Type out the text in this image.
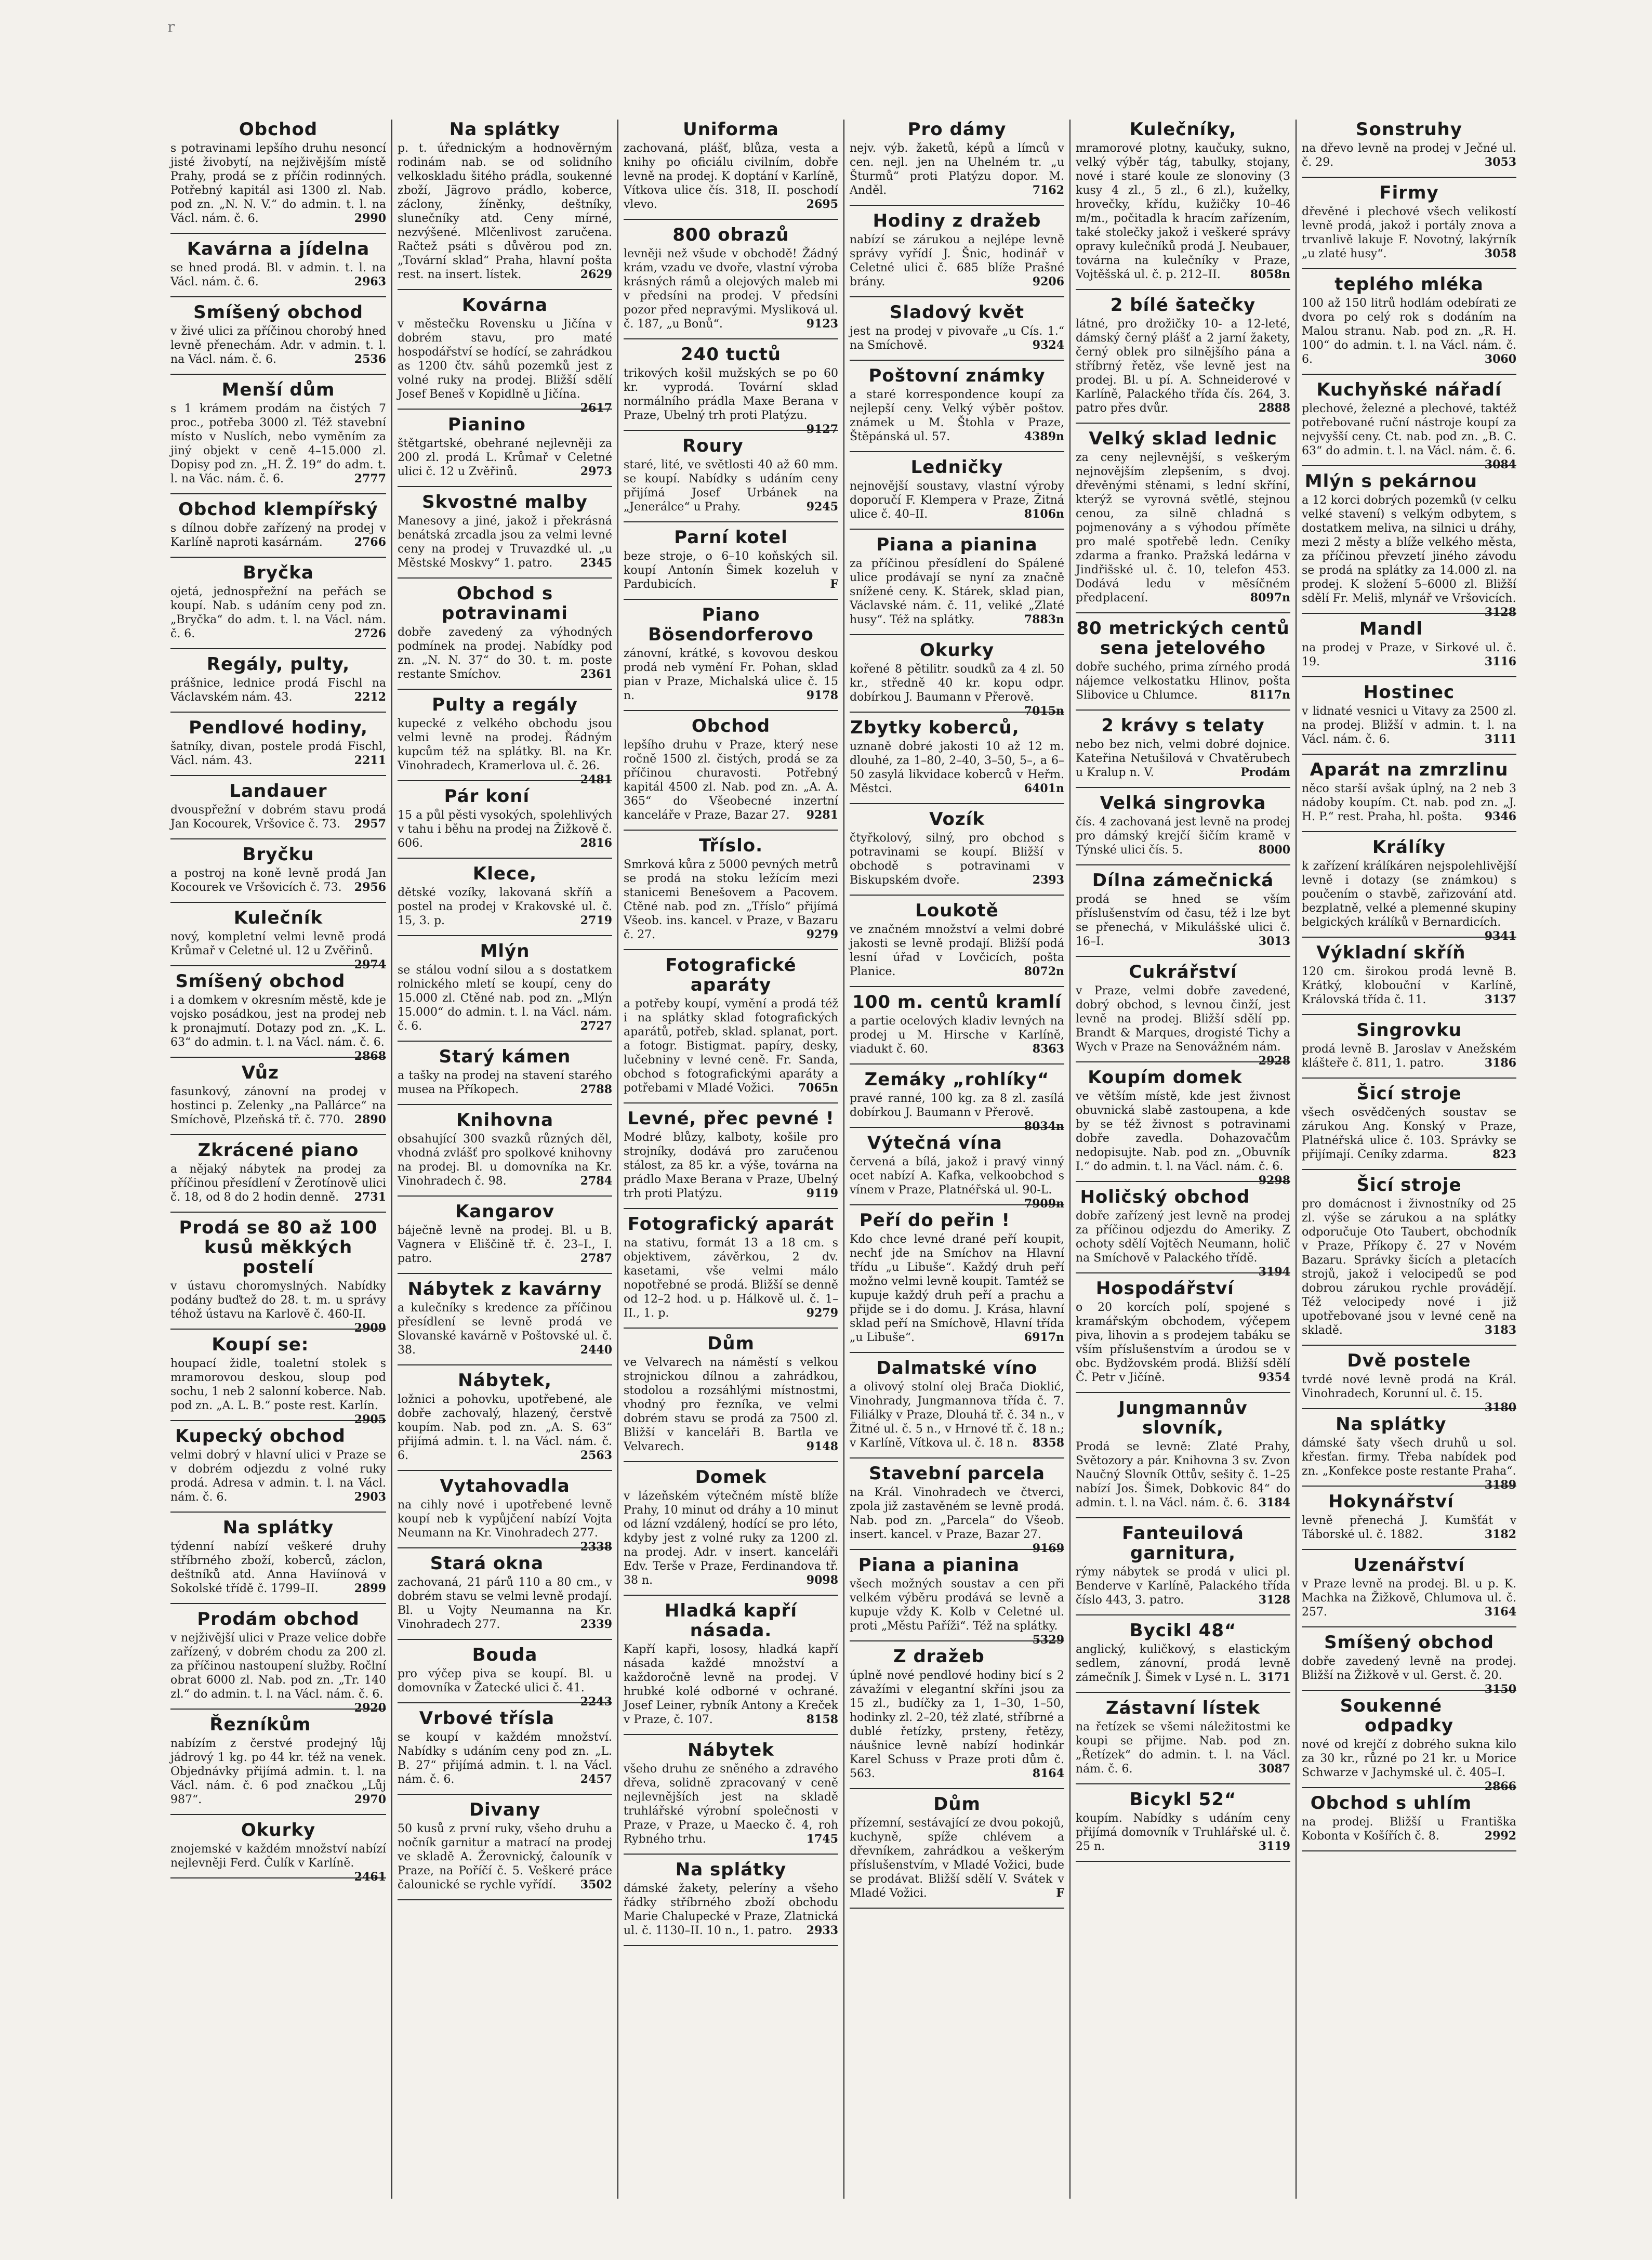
r
Obchod

s potravinami lepšího druhu nesoncí jisté živobytí, na nejživějším místě Prahy, prodá se z příčin rodinných. Potřebný kapitál asi 1300 zl. Nab. pod zn. „N. N. V.“ do admin. t. l. na Václ. nám. č. 6.	2990

Kavárna a jídelna

se hned prodá. Bl. v admin. t. l. na Václ. nám. č. 6.	2963

Smíšený obchod

v živé ulici za příčinou chorobý hned levně přenechám. Adr. v admin. t. l. na Václ. nám. č. 6.	2536

Menší dům

s 1 krámem prodám na čistých 7 proc., potřeba 3000 zl. Též stavební místo v Nuslích, nebo vyměním za jiný objekt v ceně 4–15.000 zl. Dopisy pod zn. „H. Ž. 19“ do adm. t. l. na Vác. nám. č. 6.	2777

Obchod klempířský

s dílnou dobře zařízený na prodej v Karlíně naproti kasárnám.	2766

Bryčka

ojetá, jednospřežní na peřách se koupí. Nab. s udáním ceny pod zn. „Bryčka“ do adm. t. l. na Václ. nám. č. 6.	2726

Regály, pulty,

prášnice, lednice prodá Fischl na Václavském nám. 43.	2212

Pendlové hodiny,

šatníky, divan, postele prodá Fischl, Václ. nám. 43.	2211

Landauer

dvouspřežní v dobrém stavu prodá Jan Kocourek, Vršovice č. 73. 2957

Bryčku

a postroj na koně levně prodá Jan Kocourek ve Vršovicích č. 73. 2956

Kulečník

nový, kompletní velmi levně prodá Krůmař v Celetné ul. 12 u Zvěřinů.
2974

Smíšený obchod

i a domkem v okresním městě, kde je vojsko posádkou, jest na prodej neb k pronajmutí. Dotazy pod zn. „K. L. 63“ do admin. t. l. na Václ. nám. č. 6.
2868

Vůz

fasunkový, zánovní na prodej v hostinci p. Zelenky „na Pallárce“ na Smíchově, Plzeňská tř. č. 770. 2890

Zkrácené piano

a nějaký nábytek na prodej za příčinou přesídlení v Žerotínově ulici č. 18, od 8 do 2 hodin denně. 2731

Prodá se 80 až 100 kusů měkkých postelí

v ústavu choromyslných. Nabídky podány buďtež do 28. t. m. u správy téhož ústavu na Karlově č. 460-II.
2909

Koupí se:

houpací židle, toaletní stolek s mramorovou deskou, sloup pod sochu, 1 neb 2 salonní koberce. Nab. pod zn. „A. L. B.“ poste rest. Karlín.
2905

Kupecký obchod

velmi dobrý v hlavní ulici v Praze se v dobrém odjezdu z volné ruky prodá. Adresa v admin. t. l. na Václ. nám. č. 6.	2903

Na splátky

týdenní nabízí veškeré druhy stříbrného zboží, koberců, záclon, deštníků atd. Anna Haviínová v Sokolské třídě č. 1799–II.	2899

Prodám obchod

v nejživější ulici v Praze velice dobře zařízený, v dobrém chodu za 200 zl. za příčinou nastoupení služby. Ročlní obrat 6000 zl. Nab. pod zn. „Tr. 140 zl.“ do admin. t. l. na Václ. nám. č. 6.
2920

Řezníkům

nabízím z čerstvé prodejný lůj jádrový 1 kg. po 44 kr. též na venek. Objednávky přijímá admin. t. l. na Václ. nám. č. 6 pod značkou „Lůj 987“.	2970

Okurky

znojemské v každém množství nabízí nejlevněji Ferd. Čulík v Karlíně.
2461

Na splátky

p. t. úřednickým a hodnověrným rodinám nab. se od solidního velkoskladu šitého prádla, soukenné zboží, Jägrovo prádlo, koberce, záclony, žíněnky, deštníky, slunečníky atd. Ceny mírné, nezvýšené. Mlčenlivost zaručena. Račtež psáti s důvěrou pod zn. „Tovární sklad“ Praha, hlavní pošta rest. na insert. lístek.	2629

Kovárna

v městečku Rovensku u Jičína v dobrém stavu, pro maté hospodářství se hodící, se zahrádkou as 1200 čtv. sáhů pozemků jest z volné ruky na prodej. Bližší sdělí Josef Beneš v Kopidlně u Jičína.
2617

Pianino

štětgartské, obehrané nejlevněji za 200 zl. prodá L. Krůmař v Celetné ulici č. 12 u Zvěřinů.	2973

Skvostné malby

Manesovy a jiné, jakož i překrásná benátská zrcadla jsou za velmi levné ceny na prodej v Truvazdké ul. „u Městské Moskvy“ 1. patro. 2345

Obchod s potravinami

dobře zavedený za výhodných podmínek na prodej. Nabídky pod zn. „N. N. 37“ do 30. t. m. poste restante Smíchov.	2361

Pulty a regály

kupecké z velkého obchodu jsou velmi levně na prodej. Řádným kupcům též na splátky. Bl. na Kr. Vinohradech, Kramerlova ul. č. 26.
2481

Pár koní

15 a půl pěsti vysokých, spolehlivých v tahu i běhu na prodej na Žižkově č. 606.	2816

Klece,

dětské vozíky, lakovaná skříň a postel na prodej v Krakovské ul. č. 15, 3. p.	2719

Mlýn

se stálou vodní silou a s dostatkem rolnického mletí se koupí, ceny do 15.000 zl. Ctěné nab. pod zn. „Mlýn 15.000“ do admin. t. l. na Václ. nám. č. 6.	2727

Starý kámen

a tašky na prodej na stavení starého musea na Příkopech.	2788

Knihovna

obsahující 300 svazků různých děl, vhodná zvlášť pro spolkové knihovny na prodej. Bl. u domovníka na Kr. Vinohradech č. 98.	2784

Kangarov

báječně levně na prodej. Bl. u B. Vagnera v Eliščině tř. č. 23–I., I. patro.	2787

Nábytek z kavárny

a kulečníky s kredence za příčinou přesídlení se levně prodá ve Slovanské kavárně v Poštovské ul. č. 38.	2440

Nábytek,

ložnici a pohovku, upotřebené, ale dobře zachovalý, hlazený, čerstvě koupím. Nab. pod zn. „A. S. 63“ přijímá admin. t. l. na Václ. nám. č. 6.	2563

Vytahovadla

na cihly nové i upotřebené levně koupí neb k vypůjčení nabízí Vojta Neumann na Kr. Vinohradech 277.
2338

Stará okna

zachovaná, 21 párů 110 a 80 cm., v dobrém stavu se velmi levně prodají. Bl. u Vojty Neumanna na Kr. Vinohradech 277.	2339

Bouda

pro výčep piva se koupí. Bl. u domovníka v Žatecké ulici č. 41.
2243

Vrbové třísla

se koupí v každém množství. Nabídky s udáním ceny pod zn. „L. B. 27“ přijímá admin. t. l. na Václ. nám. č. 6.	2457

Divany

50 kusů z první ruky, všeho druhu a nočník garnitur a matrací na prodej ve skladě A. Žerovnický, čalouník v Praze, na Poříčí č. 5. Veškeré práce čalounické se rychle vyřídí. 3502

Uniforma

zachovaná, plášť, blůza, vesta a knihy po oficiálu civilním, dobře levně na prodej. K doptání v Karlíně, Vítkova ulice čís. 318, II. poschodí vlevo.	2695

800 obrazů

levněji než všude v obchodě! Žádný krám, vzadu ve dvoře, vlastní výroba krásných rámů a olejových maleb mi v předsíni na prodej. V předsíni pozor před nepravými. Mysliková ul. č. 187, „u Bonů“.	9123

240 tuctů

trikových košil mužských se po 60 kr. vyprodá. Tovární sklad normálního prádla Maxe Berana v Praze, Ubelný trh proti Platýzu.
9127

Roury

staré, lité, ve světlosti 40 až 60 mm. se koupí. Nabídky s udáním ceny přijímá Josef Urbánek na „Jenerálce“ u Prahy.	9245

Parní kotel

beze stroje, o 6–10 koňských sil. koupí Antonín Šimek kozeluh v Pardubicích.	F

Piano Bösendorferovo

zánovní, krátké, s kovovou deskou prodá neb vymění Fr. Pohan, sklad pian v Praze, Michalská ulice č. 15 n.	9178

Obchod

lepšího druhu v Praze, který nese ročně 1500 zl. čistých, prodá se za příčinou churavosti. Potřebný kapitál 4500 zl. Nab. pod zn. „A. A. 365“ do Všeobecné inzertní kanceláře v Praze, Bazar 27. 9281

Tříslo.

Smrková kůra z 5000 pevných metrů se prodá na stoku ležícím mezi stanicemi Benešovem a Pacovem. Ctěné nab. pod zn. „Tříslo“ přijímá Všeob. ins. kancel. v Praze, v Bazaru č. 27.	9279

Fotografické aparáty

a potřeby koupí, vymění a prodá též i na splátky sklad fotografických aparátů, potřeb, sklad. splanat, port. a fotogr. Bistigmat. papíry, desky, lučebniny v levné ceně. Fr. Sanda, obchod s fotografickými aparáty a potřebami v Mladé Vožici. 7065n

Levné, přec pevné !

Modré blůzy, kalboty, košile pro strojníky, dodává pro zaručenou stálost, za 85 kr. a výše, továrna na prádlo Maxe Berana v Praze, Ubelný trh proti Platýzu.	9119

Fotografický aparát

na stativu, formát 13 a 18 cm. s objektivem, závěrkou, 2 dv. kasetami, vše velmi málo nopotřebné se prodá. Bližší se denně od 12–2 hod. u p. Hálkově ul. č. 1–II., 1. p.	9279

Dům

ve Velvarech na náměstí s velkou strojnickou dílnou a zahrádkou, stodolou a rozsáhlými místnostmi, vhodný pro řezníka, ve velmi dobrém stavu se prodá za 7500 zl. Bližší v kanceláři B. Bartla ve Velvarech.	9148

Domek

v lázeňském výtečném místě blíže Prahy, 10 minut od dráhy a 10 minut od lázní vzdálený, hodící se pro léto, kdyby jest z volné ruky za 1200 zl. na prodej. Adr. v insert. kanceláři Edv. Terše v Praze, Ferdinandova tř. 38 n.	9098

Hladká kapří násada.

Kapří kapři, lososy, hladká kapří násada každé množství a každoročně levně na prodej. V hrubké kolé odborné v ochrané. Josef Leiner, rybník Antony a Kreček v Praze, č. 107.	8158

Nábytek

všeho druhu ze sněného a zdravého dřeva, solidně zpracovaný v ceně nejlevnějších jest na skladě truhlářské výrobní společnosti v Praze, v Praze, u Maecko č. 4, roh Rybného trhu.	1745

Na splátky

dámské žakety, pelerínу a všeho řádky stříbrného zboží obchodu Marie Chalupecké v Praze, Zlatnická ul. č. 1130–II. 10 n., 1. patro. 2933

Pro dámy

nejv. výb. žaketů, képů a límců v cen. nejl. jen na Uhelném tr. „u Šturmů“ proti Platýzu dopor. M. Anděl.	7162

Hodiny z dražeb

nabízí se zárukou a nejlépe levně správy vyřídí J. Šnic, hodinář v Celetné ulici č. 685 blíže Prašné brány.	9206

Sladový květ

jest na prodej v pivovaře „u Cís. 1.“ na Smíchově.	9324

Poštovní známky

a staré korrespondence koupí za nejlepší ceny. Velký výběr poštov. známek u M. Štohla v Praze, Štěpánská ul. 57.	4389n

Ledničky

nejnovější soustavy, vlastní výroby doporučí F. Klempera v Praze, Žitná ulice č. 40–II.	8106n

Piana a pianina

za příčinou přesídlení do Spálené ulice prodávají se nyní za značně snížené ceny. K. Stárek, sklad pian, Václavské nám. č. 11, veliké „Zlaté husy“. Též na splátky.	7883n

Okurky

kořené 8 pětilitr. soudků za 4 zl. 50 kr., středně 40 kr. kopu odpr. dobírkou J. Baumann v Přerově.
7015n

Zbytky koberců,

uznaně dobré jakosti 10 až 12 m. dlouhé, za 1–80, 2–40, 3–50, 5–, a 6–50 zasylá likvidace koberců v Heřm. Městci.	6401n

Vozík

čtyřkolový, silný, pro obchod s potravinami se koupí. Bližší v obchodě s potravinami v Biskupském dvoře.	2393

Loukotě

ve značném množství a velmi dobré jakosti se levně prodají. Bližší podá lesní úřad v Lovčicích, pošta Planice.	8072n

100 m. centů kramlí

a partie ocelových kladiv levných na prodej u M. Hirsche v Karlíně, viadukt č. 60.	8363

Zemáky „rohlíky“

pravé ranné, 100 kg. za 8 zl. zasílá dobírkou J. Baumann v Přerově.
8034n

Výtečná vína

červená a bílá, jakož i pravý vinný ocet nabízí A. Kafka, velkoobchod s vínem v Praze, Platnéřská ul. 90-L.
7909n

Peří do peřin !

Kdo chce levné drané peří koupit, nechť jde na Smíchov na Hlavní třídu „u Libuše“. Každý druh peří možno velmi levně koupit. Tamtéž se kupuje každý druh peří a prachu a přijde se i do domu. J. Krása, hlavní sklad peří na Smíchově, Hlavní třída „u Libuše“.	6917n

Dalmatské víno

a olivový stolní olej Brača Dioklić, Vinohrady, Jungmannova třída č. 7. Filiálky v Praze, Dlouhá tř. č. 34 n., v Žitné ul. č. 5 n., v Hrnové tř. č. 18 n.; v Karlíně, Vítkova ul. č. 18 n. 8358

Stavební parcela

na Král. Vinohradech ve čtverci, zpola již zastavěném se levně prodá. Nab. pod zn. „Parcela“ do Všeob. insert. kancel. v Praze, Bazar 27.
9169

Piana a pianina

všech možných soustav a cen při velkém výběru prodává se levně a kupuje vždy K. Kolb v Celetné ul. proti „Městu Paříži“. Též na splátky.
5329

Z dražeb

úplně nové pendlové hodiny bicí s 2 závažími v elegantní skříni jsou za 15 zl., budíčky za 1, 1–30, 1–50, hodinky zl. 2–20, též zlaté, stříbrné a dublé řetízky, prsteny, řetězy, náušnice levně nabízí hodinkár Karel Schuss v Praze proti dům č. 563.	8164

Dům

přízemní, sestávající ze dvou pokojů, kuchyně, spíže chlévem a dřevníkem, zahrádkou a veškerým příslušenstvím, v Mladé Vožici, bude se prodávat. Bližší sdělí V. Svátek v Mladé Vožici.	F

Kulečníky,

mramorové plotny, kaučuky, sukno, velký výběr tág, tabulky, stojany, nové i staré koule ze slonoviny (3 kusy 4 zl., 5 zl., 6 zl.), kuželky, hrovečky, křídu, kužičky 10–46 m/m., počitadla k hracím zařízením, také stolečky jakož i veškeré správy opravy kulečníků prodá J. Neubauer, továrna na kulečníky v Praze, Vojtěšská ul. č. p. 212–II.	8058n

2 bílé šatečky

látné, pro drožičky 10- a 12-leté, dámský černý plášť a 2 jarní žakety, černý oblek pro silnějšího pána a stříbrný řetěz, vše levně jest na prodej. Bl. u pí. A. Schneiderové v Karlíně, Palackého třída čís. 264, 3. patro přes dvůr.	2888

Velký sklad lednic

za ceny nejlevnější, s veškerým nejnovějším zlepšením, s dvoj. dřevěnými stěnami, s lední skříní, kterýž se vyrovná světlé, stejnou cenou, za silně chladná s pojmenovány a s výhodou příměte pro malé spotřebě ledn. Ceníky zdarma a franko. Pražská ledárna v Jindřišské ul. č. 10, telefon 453. Dodává ledu v měsíčném předplacení.	8097n

80 metrických centů sena jetelového

dobře suchého, prima zírného prodá nájemce velkostatku Hlinov, pošta Slibovice u Chlumce.	8117n

2 krávy s telaty

nebo bez nich, velmi dobré dojnice. Kateřina Netušilová v Chvatěrubech u Kralup n. V.	Prodám

Velká singrovka

čís. 4 zachovaná jest levně na prodej pro dámský krejčí šičím kramě v Týnské ulici čís. 5.	8000

Dílna zámečnická

prodá se hned se vším příslušenstvím od času, též i lze byt se přenechá, v Mikulášské ulici č. 16–I.	3013

Cukrářství

v Praze, velmi dobře zavedené, dobrý obchod, s levnou činží, jest levně na prodej. Bližší sdělí pp. Brandt & Marques, drogisté Tichy a Wych v Praze na Senovážném nám.
2928

Koupím domek

ve větším místě, kde jest živnost obuvnická slabě zastoupena, a kde by se též živnost s potravinami dobře zavedla. Dohazovačům nedopisujte. Nab. pod zn. „Obuvník I.“ do admin. t. l. na Václ. nám. č. 6.
9298

Holičský obchod

dobře zařízený jest levně na prodej za příčinou odjezdu do Ameriky. Z ochoty sdělí Vojtěch Neumann, holič na Smíchově v Palackého třídě.
3194

Hospodářství

o 20 korcích polí, spojené s kramářským obchodem, výčepem piva, lihovin a s prodejem tabáku se vším příslušenstvím a úrodou se v obc. Bydžovském prodá. Bližší sdělí Č. Petr v Jičíně.	9354

Jungmannův slovník,

Prodá se levně: Zlaté Prahy, Světozory a pár. Knihovna 3 sv. Zvon Naučný Slovník Ottův, sešity č. 1–25 nabízí Jos. Šimek, Dobkovic 84“ do admin. t. l. na Václ. nám. č. 6. 3184

Fanteuilová garnitura,

rýmy nábytek se prodá v ulici pl. Benderve v Karlíně, Palackého třída číslo 443, 3. patro.	3128

Bycikl 48“

anglický, kuličkový, s elastickým sedlem, zánovní, prodá levně zámečník J. Šimek v Lysé n. L. 3171

Zástavní lístek

na řetízek se všemi náležitostmi ke koupi se přijme. Nab. pod zn. „Řetízek“ do admin. t. l. na Václ. nám. č. 6.	3087

Bicykl 52“

koupím. Nabídky s udáním ceny přijímá domovník v Truhlářské ul. č. 25 n.	3119

Sonstruhy

na dřevo levně na prodej v Ječné ul. č. 29.	3053

Firmy

dřevěné i plechové všech velikostí levně prodá, jakož i portály znova a trvanlivě lakuje F. Novotný, lakýrník „u zlaté husy“.	3058

teplého mléka

100 až 150 litrů hodlám odebírati ze dvora po celý rok s dodáním na Malou stranu. Nab. pod zn. „R. H. 100“ do admin. t. l. na Václ. nám. č. 6.	3060

Kuchyňské nářadí

plechové, železné a plechové, taktéž potřebované ruční nástroje koupí za nejvyšší ceny. Ct. nab. pod zn. „B. C. 63“ do admin. t. l. na Václ. nám. č. 6.
3084

Mlýn s pekárnou

a 12 korci dobrých pozemků (v celku velké stavení) s velkým odbytem, s dostatkem meliva, na silnici u dráhy, mezi 2 městy a blíže velkého města, za příčinou převzetí jiného závodu se prodá na splátky za 14.000 zl. na prodej. K složení 5–6000 zl. Bližší sdělí Fr. Meliš, mlynář ve Vršovicích.
3128

Mandl

na prodej v Praze, v Sirkové ul. č. 19.	3116

Hostinec

v lidnaté vesnici u Vitavy za 2500 zl. na prodej. Bližší v admin. t. l. na Václ. nám. č. 6.	3111

Aparát na zmrzlinu

něco starší avšak úplný, na 2 neb 3 nádoby koupím. Ct. nab. pod zn. „J. H. P.“ rest. Praha, hl. pošta. 9346

Králíky

k zařízení králíkáren nejspolehlivější levně i dotazy (se známkou) s poučením o stavbě, zařizování atd. bezplatně, velké a plemenné skupiny belgických králíků v Bernardicích.
9341

Výkladní skříň

120 cm. širokou prodá levně B. Krátký, klobouční v Karlíně, Královská třída č. 11.	3137

Singrovku

prodá levně B. Jaroslav v Anežském klášteře č. 811, 1. patro.	3186

Šicí stroje

všech osvědčených soustav se zárukou Ang. Konský v Praze, Platnéřská ulice č. 103. Správky se přijímají. Ceníky zdarma.	823

Šicí stroje

pro domácnost i živnostníky od 25 zl. výše se zárukou a na splátky odporučuje Oto Taubert, obchodník v Praze, Příkopy č. 27 v Novém Bazaru. Správky šicích a pletacích strojů, jakož i velocipedů se pod dobrou zárukou rychle provádějí. Též velocipedy nové i již upotřebované jsou v levné ceně na skladě.	3183

Dvě postele

tvrdé nové levně prodá na Král. Vinohradech, Korunní ul. č. 15.
3180

Na splátky

dámské šaty všech druhů u sol. křesťan. firmy. Třeba nabídek pod zn. „Konfekce poste restante Praha“.
3189

Hokynářství

levně přenechá J. Kumšťát v Táborské ul. č. 1882.	3182

Uzenářství

v Praze levně na prodej. Bl. u p. K. Machka na Žižkově, Chlumova ul. č. 257.	3164

Smíšený obchod

dobře zavedený levně na prodej. Bližší na Žižkově v ul. Gerst. č. 20.
3150

Soukenné odpadky

nové od krejčí z dobrého sukna kilo za 30 kr., různé po 21 kr. u Morice Schwarze v Jachymské ul. č. 405–I.
2866

Obchod s uhlím

na prodej. Bližší u Františka Kobonta v Košířích č. 8.	2992
